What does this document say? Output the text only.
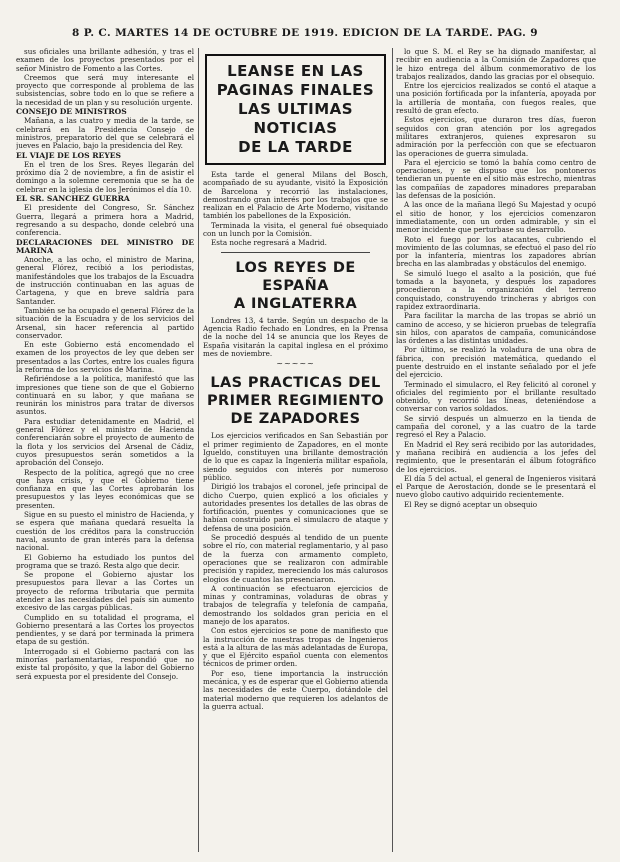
8 P. C. MARTES 14 DE OCTUBRE DE 1919. EDICION DE LA TARDE. PAG. 9

sus oficiales una brillante adhesión, y tras el examen de los proyectos presentados por el señor Ministro de Fomento a las Cortes.

Creemos que será muy interesante el proyecto que corresponde al problema de las subsistencias, sobre todo en lo que se refiere a la necesidad de un plan y su resolución urgente.

CONSEJO DE MINISTROS

Mañana, a las cuatro y media de la tarde, se celebrará en la Presidencia Consejo de ministros, preparatorio del que se celebrará el jueves en Palacio, bajo la presidencia del Rey.

EL VIAJE DE LOS REYES

En el tren de los Sres. Reyes llegarán del próximo día 2 de noviembre, a fin de asistir el domingo a la solemne ceremonia que se ha de celebrar en la iglesia de los Jerónimos el día 10.

EL SR. SANCHEZ GUERRA

El presidente del Congreso, Sr. Sánchez Guerra, llegará a primera hora a Madrid, regresando a su despacho, donde celebró una conferencia.

DECLARACIONES DEL MINISTRO DE MARINA

Anoche, a las ocho, el ministro de Marina, general Flórez, recibió a los periodistas, manifestándoles que los trabajos de la Escuadra de instrucción continuaban en las aguas de Cartagena, y que en breve saldría para Santander.

También se ha ocupado el general Flórez de la situación de la Escuadra y de los servicios del Arsenal, sin hacer referencia al partido conservador.

En este Gobierno está encomendado el examen de los proyectos de ley que deben ser presentados a las Cortes, entre los cuales figura la reforma de los servicios de Marina.

Refiriéndose a la política, manifestó que las impresiones que tiene son de que el Gobierno continuará en su labor, y que mañana se reunirán los ministros para tratar de diversos asuntos.

Para estudiar detenidamente en Madrid, el general Flórez y el ministro de Hacienda conferenciarán sobre el proyecto de aumento de la flota y los servicios del Arsenal de Cádiz, cuyos presupuestos serán sometidos a la aprobación del Consejo.

Respecto de la política, agregó que no cree que haya crisis, y que el Gobierno tiene confianza en que las Cortes aprobarán los presupuestos y las leyes económicas que se presenten.

Sigue en su puesto el ministro de Hacienda, y se espera que mañana quedará resuelta la cuestión de los créditos para la construcción naval, asunto de gran interés para la defensa nacional.

El Gobierno ha estudiado los puntos del programa que se trazó. Resta algo que decir.

Se propone el Gobierno ajustar los presupuestos para llevar a las Cortes un proyecto de reforma tributaria que permita atender a las necesidades del país sin aumento excesivo de las cargas públicas.

Cumplido en su totalidad el programa, el Gobierno presentará a las Cortes los proyectos pendientes, y se dará por terminada la primera etapa de su gestión.

Interrogado si el Gobierno pactará con las minorías parlamentarias, respondió que no existe tal propósito, y que la labor del Gobierno será expuesta por el presidente del Consejo.

LEANSE EN LAS
PAGINAS FINALES
LAS ULTIMAS
NOTICIAS
DE LA TARDE

Esta tarde el general Milans del Bosch, acompañado de su ayudante, visitó la Exposición de Barcelona y recorrió las instalaciones, demostrando gran interés por los trabajos que se realizan en el Palacio de Arte Moderno, visitando también los pabellones de la Exposición.

Terminada la visita, el general fué obsequiado con un lunch por la Comisión.

Esta noche regresará a Madrid.

LOS REYES DE ESPAÑA
A INGLATERRA

Londres 13, 4 tarde. Según un despacho de la Agencia Radio fechado en Londres, en la Prensa de la noche del 14 se anuncia que los Reyes de España visitarán la capital inglesa en el próximo mes de noviembre.

~~~~~
LAS PRACTICAS DEL
PRIMER REGIMIENTO
DE ZAPADORES

Los ejercicios verificados en San Sebastián por el primer regimiento de Zapadores, en el monte Igueldo, constituyen una brillante demostración de lo que es capaz la Ingeniería militar española, siendo seguidos con interés por numeroso público.

Dirigió los trabajos el coronel, jefe principal de dicho Cuerpo, quien explicó a los oficiales y autoridades presentes los detalles de las obras de fortificación, puentes y comunicaciones que se habían construido para el simulacro de ataque y defensa de una posición.

Se procedió después al tendido de un puente sobre el río, con material reglamentario, y al paso de la fuerza con armamento completo, operaciones que se realizaron con admirable precisión y rapidez, mereciendo los más calurosos elogios de cuantos las presenciaron.

A continuación se efectuaron ejercicios de minas y contraminas, voladuras de obras y trabajos de telegrafía y telefonía de campaña, demostrando los soldados gran pericia en el manejo de los aparatos.

Con estos ejercicios se pone de manifiesto que la instrucción de nuestras tropas de Ingenieros está a la altura de las más adelantadas de Europa, y que el Ejército español cuenta con elementos técnicos de primer orden.

Por eso, tiene importancia la instrucción mecánica, y es de esperar que el Gobierno atienda las necesidades de este Cuerpo, dotándole del material moderno que requieren los adelantos de la guerra actual.

lo que S. M. el Rey se ha dignado manifestar, al recibir en audiencia a la Comisión de Zapadores que le hizo entrega del álbum conmemorativo de los trabajos realizados, dando las gracias por el obsequio.

Entre los ejercicios realizados se contó el ataque a una posición fortificada por la infantería, apoyada por la artillería de montaña, con fuegos reales, que resultó de gran efecto.

Estos ejercicios, que duraron tres días, fueron seguidos con gran atención por los agregados militares extranjeros, quienes expresaron su admiración por la perfección con que se efectuaron las operaciones de guerra simulada.

Para el ejercicio se tomó la bahía como centro de operaciones, y se dispuso que los pontoneros tendieran un puente en el sitio más estrecho, mientras las compañías de zapadores minadores preparaban las defensas de la posición.

A las once de la mañana llegó Su Majestad y ocupó el sitio de honor, y los ejercicios comenzaron inmediatamente, con un orden admirable, y sin el menor incidente que perturbase su desarrollo.

Roto el fuego por los atacantes, cubriendo el movimiento de las columnas, se efectuó el paso del río por la infantería, mientras los zapadores abrían brecha en las alambradas y obstáculos del enemigo.

Se simuló luego el asalto a la posición, que fué tomada a la bayoneta, y después los zapadores procedieron a la organización del terreno conquistado, construyendo trincheras y abrigos con rapidez extraordinaria.

Para facilitar la marcha de las tropas se abrió un camino de acceso, y se hicieron pruebas de telegrafía sin hilos, con aparatos de campaña, comunicándose las órdenes a las distintas unidades.

Por último, se realizó la voladura de una obra de fábrica, con precisión matemática, quedando el puente destruido en el instante señalado por el jefe del ejercicio.

Terminado el simulacro, el Rey felicitó al coronel y oficiales del regimiento por el brillante resultado obtenido, y recorrió las líneas, deteniéndose a conversar con varios soldados.

Se sirvió después un almuerzo en la tienda de campaña del coronel, y a las cuatro de la tarde regresó el Rey a Palacio.

En Madrid el Rey será recibido por las autoridades, y mañana recibirá en audiencia a los jefes del regimiento, que le presentarán el álbum fotográfico de los ejercicios.

El día 5 del actual, el general de Ingenieros visitará el Parque de Aerostación, donde se le presentará el nuevo globo cautivo adquirido recientemente.

El Rey se dignó aceptar un obsequio
